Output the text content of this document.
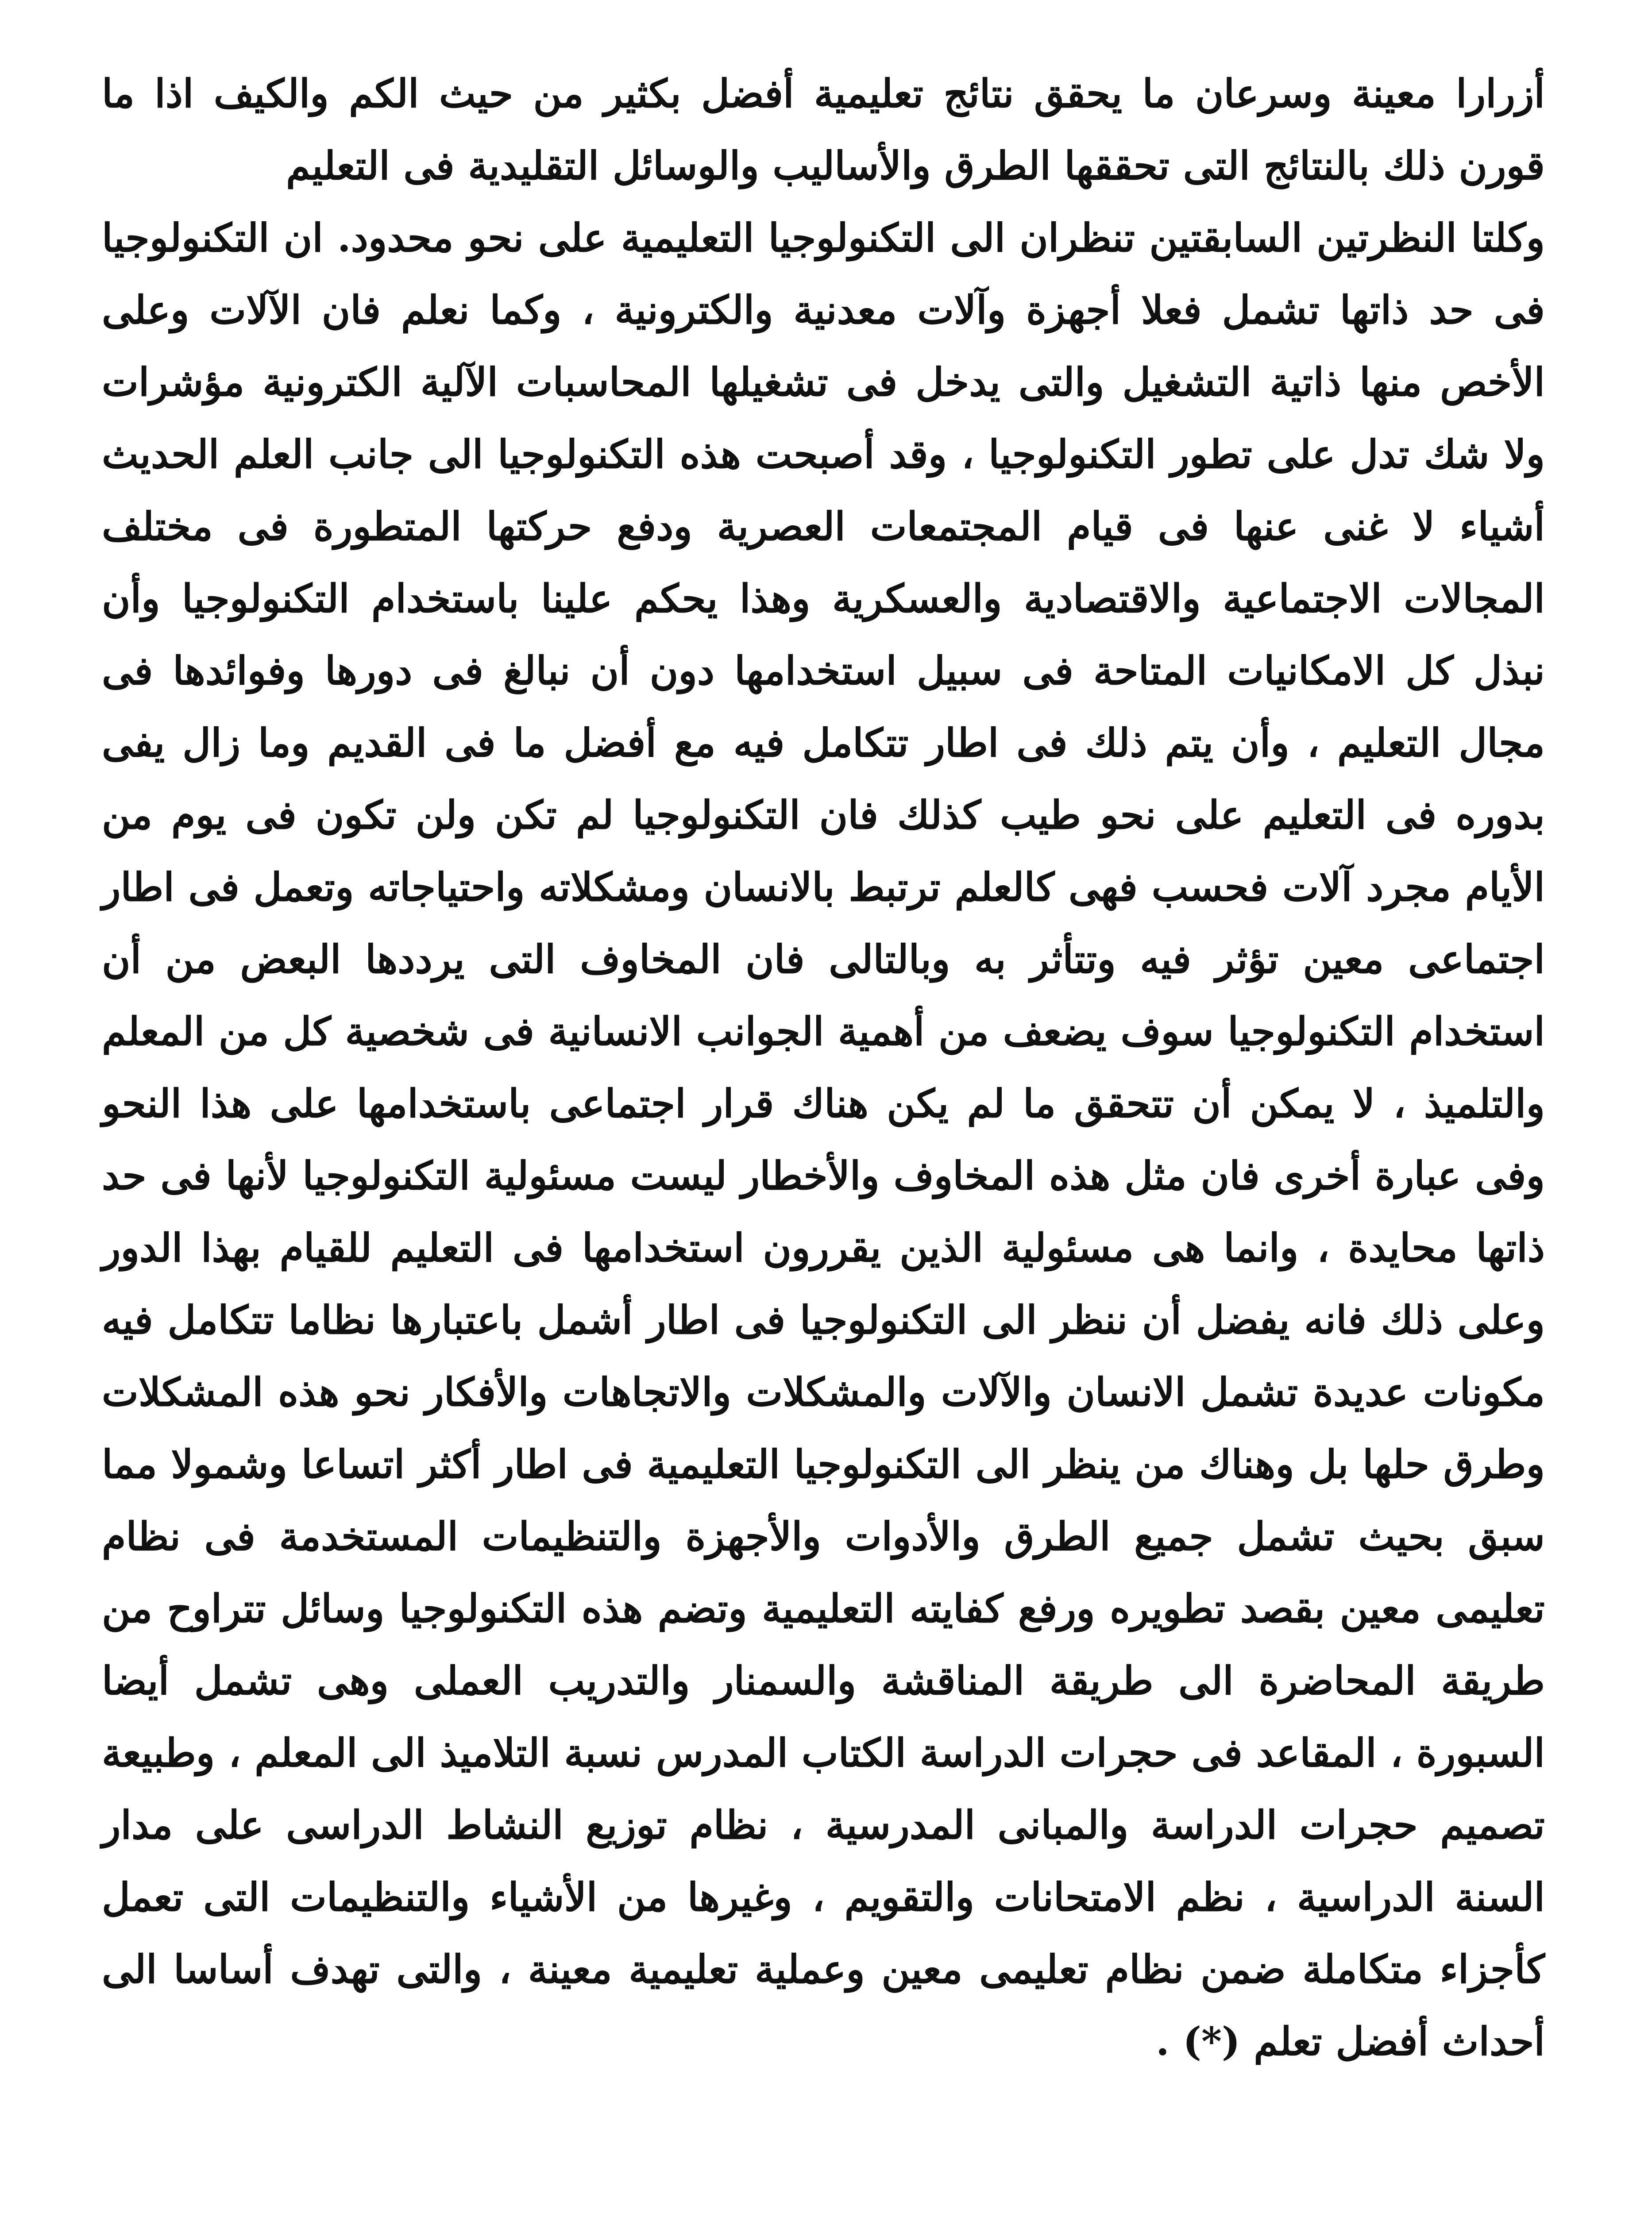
أزرارا معينة وسرعان ما يحقق نتائج تعليمية أفضل بكثير من حيث الكم والكيف اذا ما قورن ذلك بالنتائج التى تحققها الطرق والأساليب والوسائل التقليدية فى التعليم

وكلتا النظرتين السابقتين تنظران الى التكنولوجيا التعليمية على نحو محدود. ان التكنولوجيا فى حد ذاتها تشمل فعلا أجهزة وآلات معدنية والكترونية ، وكما نعلم فان الآلات وعلى الأخص منها ذاتية التشغيل والتى يدخل فى تشغيلها المحاسبات الآلية الكترونية مؤشرات ولا شك تدل على تطور التكنولوجيا ، وقد أصبحت هذه التكنولوجيا الى جانب العلم الحديث أشياء لا غنى عنها فى قيام المجتمعات العصرية ودفع حركتها المتطورة فى مختلف المجالات الاجتماعية والاقتصادية والعسكرية وهذا يحكم علينا باستخدام التكنولوجيا وأن نبذل كل الامكانيات المتاحة فى سبيل استخدامها دون أن نبالغ فى دورها وفوائدها فى مجال التعليم ، وأن يتم ذلك فى اطار تتكامل فيه مع أفضل ما فى القديم وما زال يفى بدوره فى التعليم على نحو طيب كذلك فان التكنولوجيا لم تكن ولن تكون فى يوم من الأيام مجرد آلات فحسب فهى كالعلم ترتبط بالانسان ومشكلاته واحتياجاته وتعمل فى اطار اجتماعى معين تؤثر فيه وتتأثر به وبالتالى فان المخاوف التى يرددها البعض من أن استخدام التكنولوجيا سوف يضعف من أهمية الجوانب الانسانية فى شخصية كل من المعلم والتلميذ ، لا يمكن أن تتحقق ما لم يكن هناك قرار اجتماعى باستخدامها على هذا النحو وفى عبارة أخرى فان مثل هذه المخاوف والأخطار ليست مسئولية التكنولوجيا لأنها فى حد ذاتها محايدة ، وانما هى مسئولية الذين يقررون استخدامها فى التعليم للقيام بهذا الدور وعلى ذلك فانه يفضل أن ننظر الى التكنولوجيا فى اطار أشمل باعتبارها نظاما تتكامل فيه مكونات عديدة تشمل الانسان والآلات والمشكلات والاتجاهات والأفكار نحو هذه المشكلات وطرق حلها بل وهناك من ينظر الى التكنولوجيا التعليمية فى اطار أكثر اتساعا وشمولا مما سبق بحيث تشمل جميع الطرق والأدوات والأجهزة والتنظيمات المستخدمة فى نظام تعليمى معين بقصد تطويره ورفع كفايته التعليمية وتضم هذه التكنولوجيا وسائل تتراوح من طريقة المحاضرة الى طريقة المناقشة والسمنار والتدريب العملى وهى تشمل أيضا السبورة ، المقاعد فى حجرات الدراسة الكتاب المدرس نسبة التلاميذ الى المعلم ، وطبيعة تصميم حجرات الدراسة والمبانى المدرسية ، نظام توزيع النشاط الدراسى على مدار السنة الدراسية ، نظم الامتحانات والتقويم ، وغيرها من الأشياء والتنظيمات التى تعمل كأجزاء متكاملة ضمن نظام تعليمى معين وعملية تعليمية معينة ، والتى تهدف أساسا الى أحداث أفضل تعلم (*) .
